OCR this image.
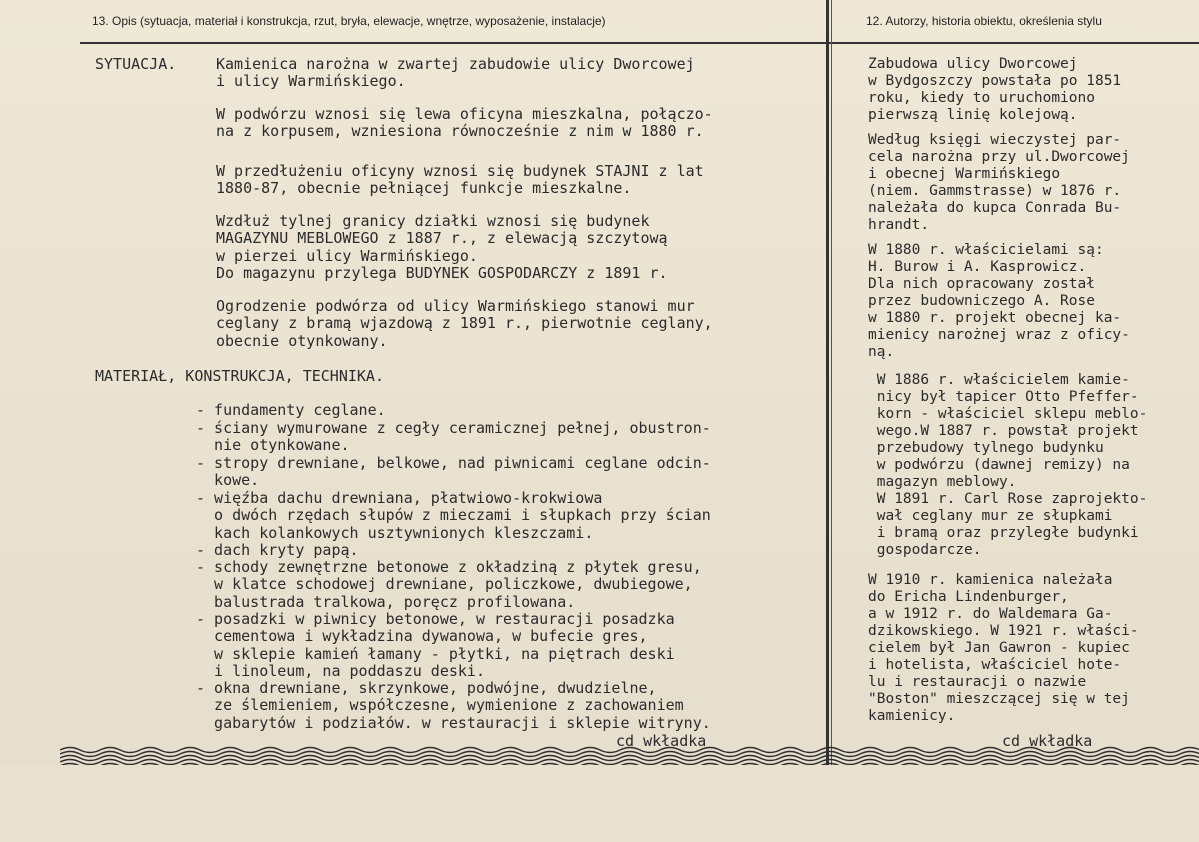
13. Opis (sytuacja, materiał i konstrukcja, rzut, bryła, elewacje, wnętrze, wyposażenie, instalacje)	12. Autorzy, historia obiektu, określenia stylu
SYTUACJA.	Kamienica narożna w zwartej zabudowie ulicy Dworcowej
i ulicy Warmińskiego.
W podwórzu wznosi się lewa oficyna mieszkalna, połączo-
na z korpusem, wzniesiona równocześnie z nim w 1880 r.
W przedłużeniu oficyny wznosi się budynek STAJNI z lat
1880-87, obecnie pełniącej funkcje mieszkalne.
Wzdłuż tylnej granicy działki wznosi się budynek
MAGAZYNU MEBLOWEGO z 1887 r., z elewacją szczytową
w pierzei ulicy Warmińskiego.
Do magazynu przylega BUDYNEK GOSPODARCZY z 1891 r.
Ogrodzenie podwórza od ulicy Warmińskiego stanowi mur
ceglany z bramą wjazdową z 1891 r., pierwotnie ceglany,
obecnie otynkowany.
MATERIAŁ, KONSTRUKCJA, TECHNIKA.
- fundamenty ceglane.
- ściany wymurowane z cegły ceramicznej pełnej, obustron-
nie otynkowane.
- stropy drewniane, belkowe, nad piwnicami ceglane odcin-
kowe.
- więźba dachu drewniana, płatwiowo-krokwiowa
o dwóch rzędach słupów z mieczami i słupkach przy ścian
kach kolankowych usztywnionych kleszczami.
- dach kryty papą.
- schody zewnętrzne betonowe z okładziną z płytek gresu,
w klatce schodowej drewniane, policzkowe, dwubiegowe,
balustrada tralkowa, poręcz profilowana.
- posadzki w piwnicy betonowe, w restauracji posadzka
cementowa i wykładzina dywanowa, w bufecie gres,
w sklepie kamień łamany - płytki, na piętrach deski
i linoleum, na poddaszu deski.
- okna drewniane, skrzynkowe, podwójne, dwudzielne,
ze ślemieniem, współczesne, wymienione z zachowaniem
gabarytów i podziałów. w restauracji i sklepie witryny.
cd wkładka
Zabudowa ulicy Dworcowej
w Bydgoszczy powstała po 1851
roku, kiedy to uruchomiono
pierwszą linię kolejową.
Według księgi wieczystej par-
cela narożna przy ul.Dworcowej
i obecnej Warmińskiego
(niem. Gammstrasse) w 1876 r.
należała do kupca Conrada Bu-
hrandt.
W 1880 r. właścicielami są:
H. Burow i A. Kasprowicz.
Dla nich opracowany został
przez budowniczego A. Rose
w 1880 r. projekt obecnej ka-
mienicy narożnej wraz z oficy-
ną.
W 1886 r. właścicielem kamie-
nicy był tapicer Otto Pfeffer-
korn - właściciel sklepu meblo-
wego.W 1887 r. powstał projekt
przebudowy tylnego budynku
w podwórzu (dawnej remizy) na
magazyn meblowy.
W 1891 r. Carl Rose zaprojekto-
wał ceglany mur ze słupkami
i bramą oraz przyległe budynki
gospodarcze.
W 1910 r. kamienica należała
do Ericha Lindenburger,
a w 1912 r. do Waldemara Ga-
dzikowskiego. W 1921 r. właści-
cielem był Jan Gawron - kupiec
i hotelista, właściciel hote-
lu i restauracji o nazwie
"Boston" mieszczącej się w tej
kamienicy.
cd wkładka
